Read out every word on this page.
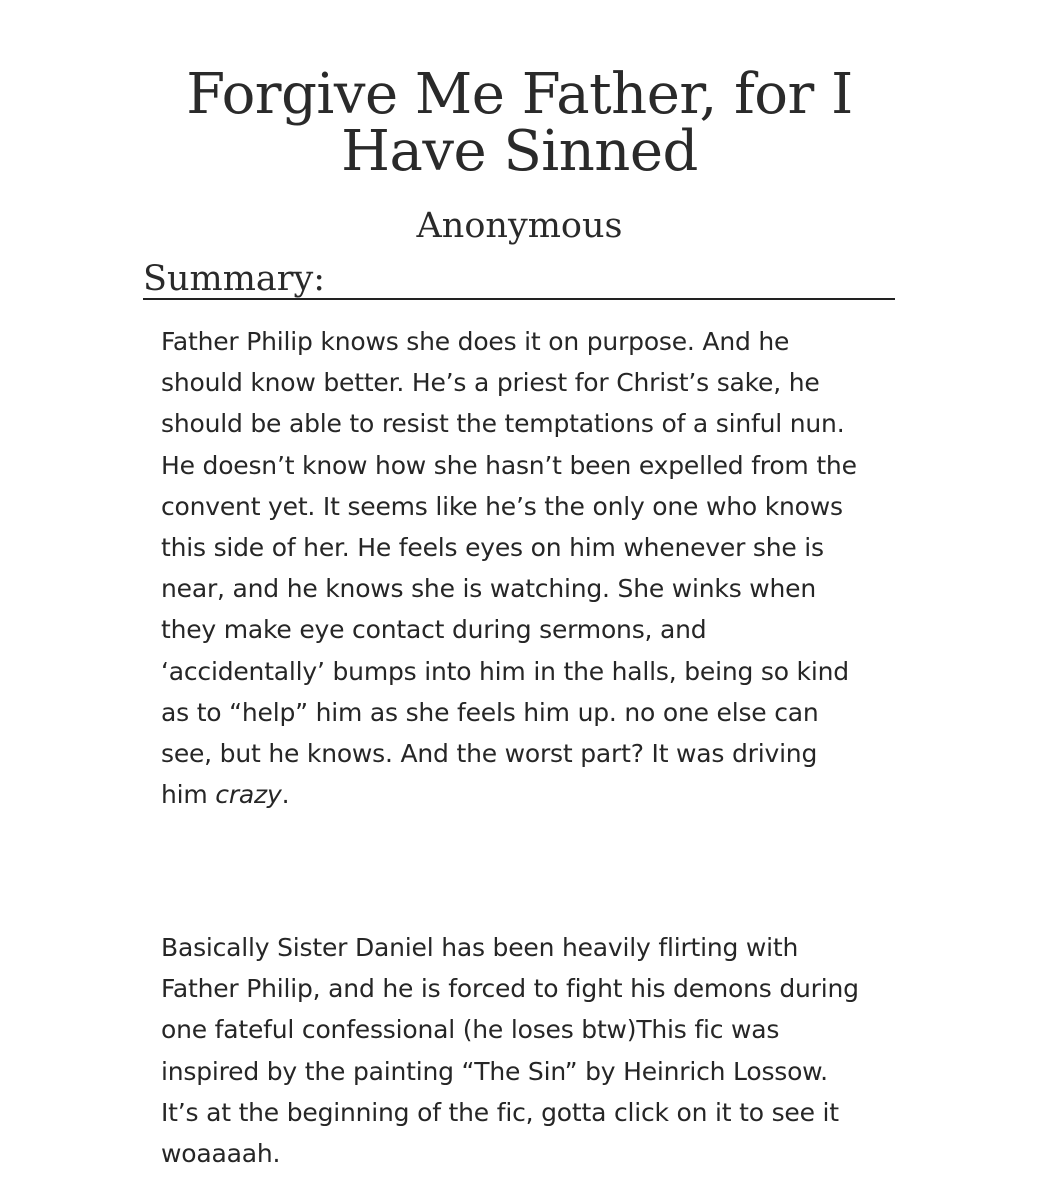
Forgive Me Father, for I
Have Sinned
Anonymous
Summary:

Father Philip knows she does it on purpose. And he
should know better. He’s a priest for Christ’s sake, he
should be able to resist the temptations of a sinful nun.
He doesn’t know how she hasn’t been expelled from the
convent yet. It seems like he’s the only one who knows
this side of her. He feels eyes on him whenever she is
near, and he knows she is watching. She winks when
they make eye contact during sermons, and
‘accidentally’ bumps into him in the halls, being so kind
as to “help” him as she feels him up. no one else can
see, but he knows. And the worst part? It was driving
him crazy.

Basically Sister Daniel has been heavily flirting with
Father Philip, and he is forced to fight his demons during
one fateful confessional (he loses btw)This fic was
inspired by the painting “The Sin” by Heinrich Lossow.
It’s at the beginning of the fic, gotta click on it to see it
woaaaah.
